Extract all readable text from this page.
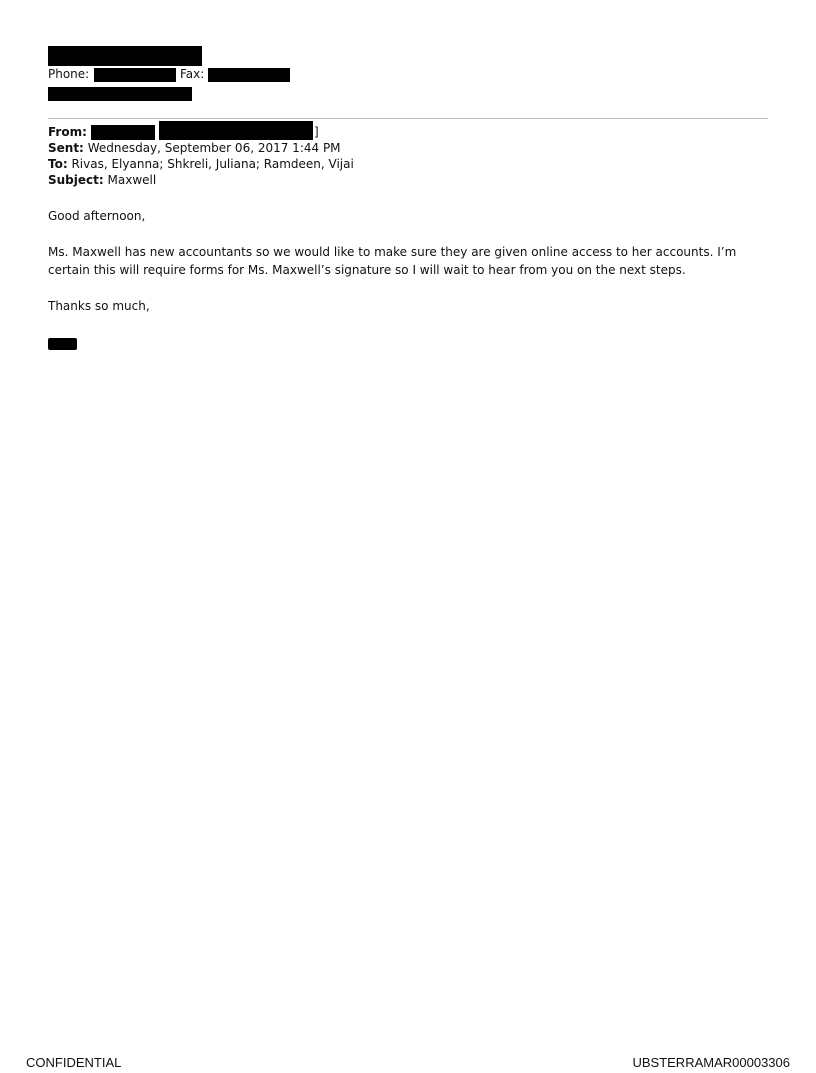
Phone:	Fax:
From:	]
Sent: Wednesday, September 06, 2017 1:44 PM
To: Rivas, Elyanna; Shkreli, Juliana; Ramdeen, Vijai
Subject: Maxwell
Good afternoon,
Ms. Maxwell has new accountants so we would like to make sure they are given online access to her accounts. I’m
certain this will require forms for Ms. Maxwell’s signature so I will wait to hear from you on the next steps.
Thanks so much,
CONFIDENTIAL	UBSTERRAMAR00003306
